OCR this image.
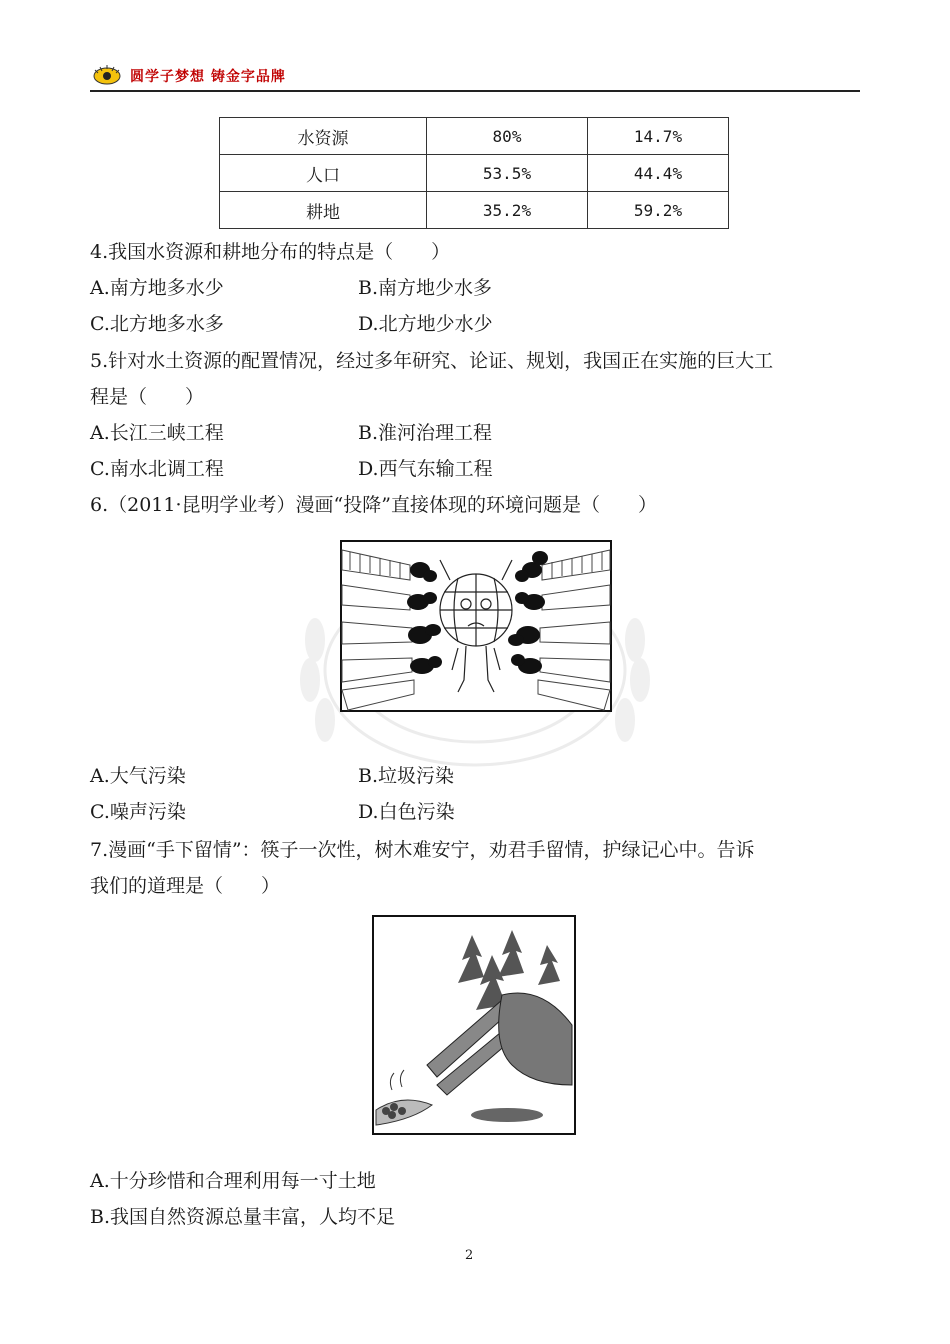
圆学子梦想 铸金字品牌
水资源	80%	14.7%
人口	53.5%	44.4%
耕地	35.2%	59.2%
4.我国水资源和耕地分布的特点是（　　）
A.南方地多水少	B.南方地少水多
C.北方地多水多	D.北方地少水少
5.针对水土资源的配置情况，经过多年研究、论证、规划，我国正在实施的巨大工
程是（　　）
A.长江三峡工程	B.淮河治理工程
C.南水北调工程	D.西气东输工程
6.（2011·昆明学业考）漫画“投降”直接体现的环境问题是（　　）
A.大气污染	B.垃圾污染
C.噪声污染	D.白色污染
7.漫画“手下留情”：筷子一次性，树木难安宁，劝君手留情，护绿记心中。告诉
我们的道理是（　　）
A.十分珍惜和合理利用每一寸土地
B.我国自然资源总量丰富，人均不足
2
